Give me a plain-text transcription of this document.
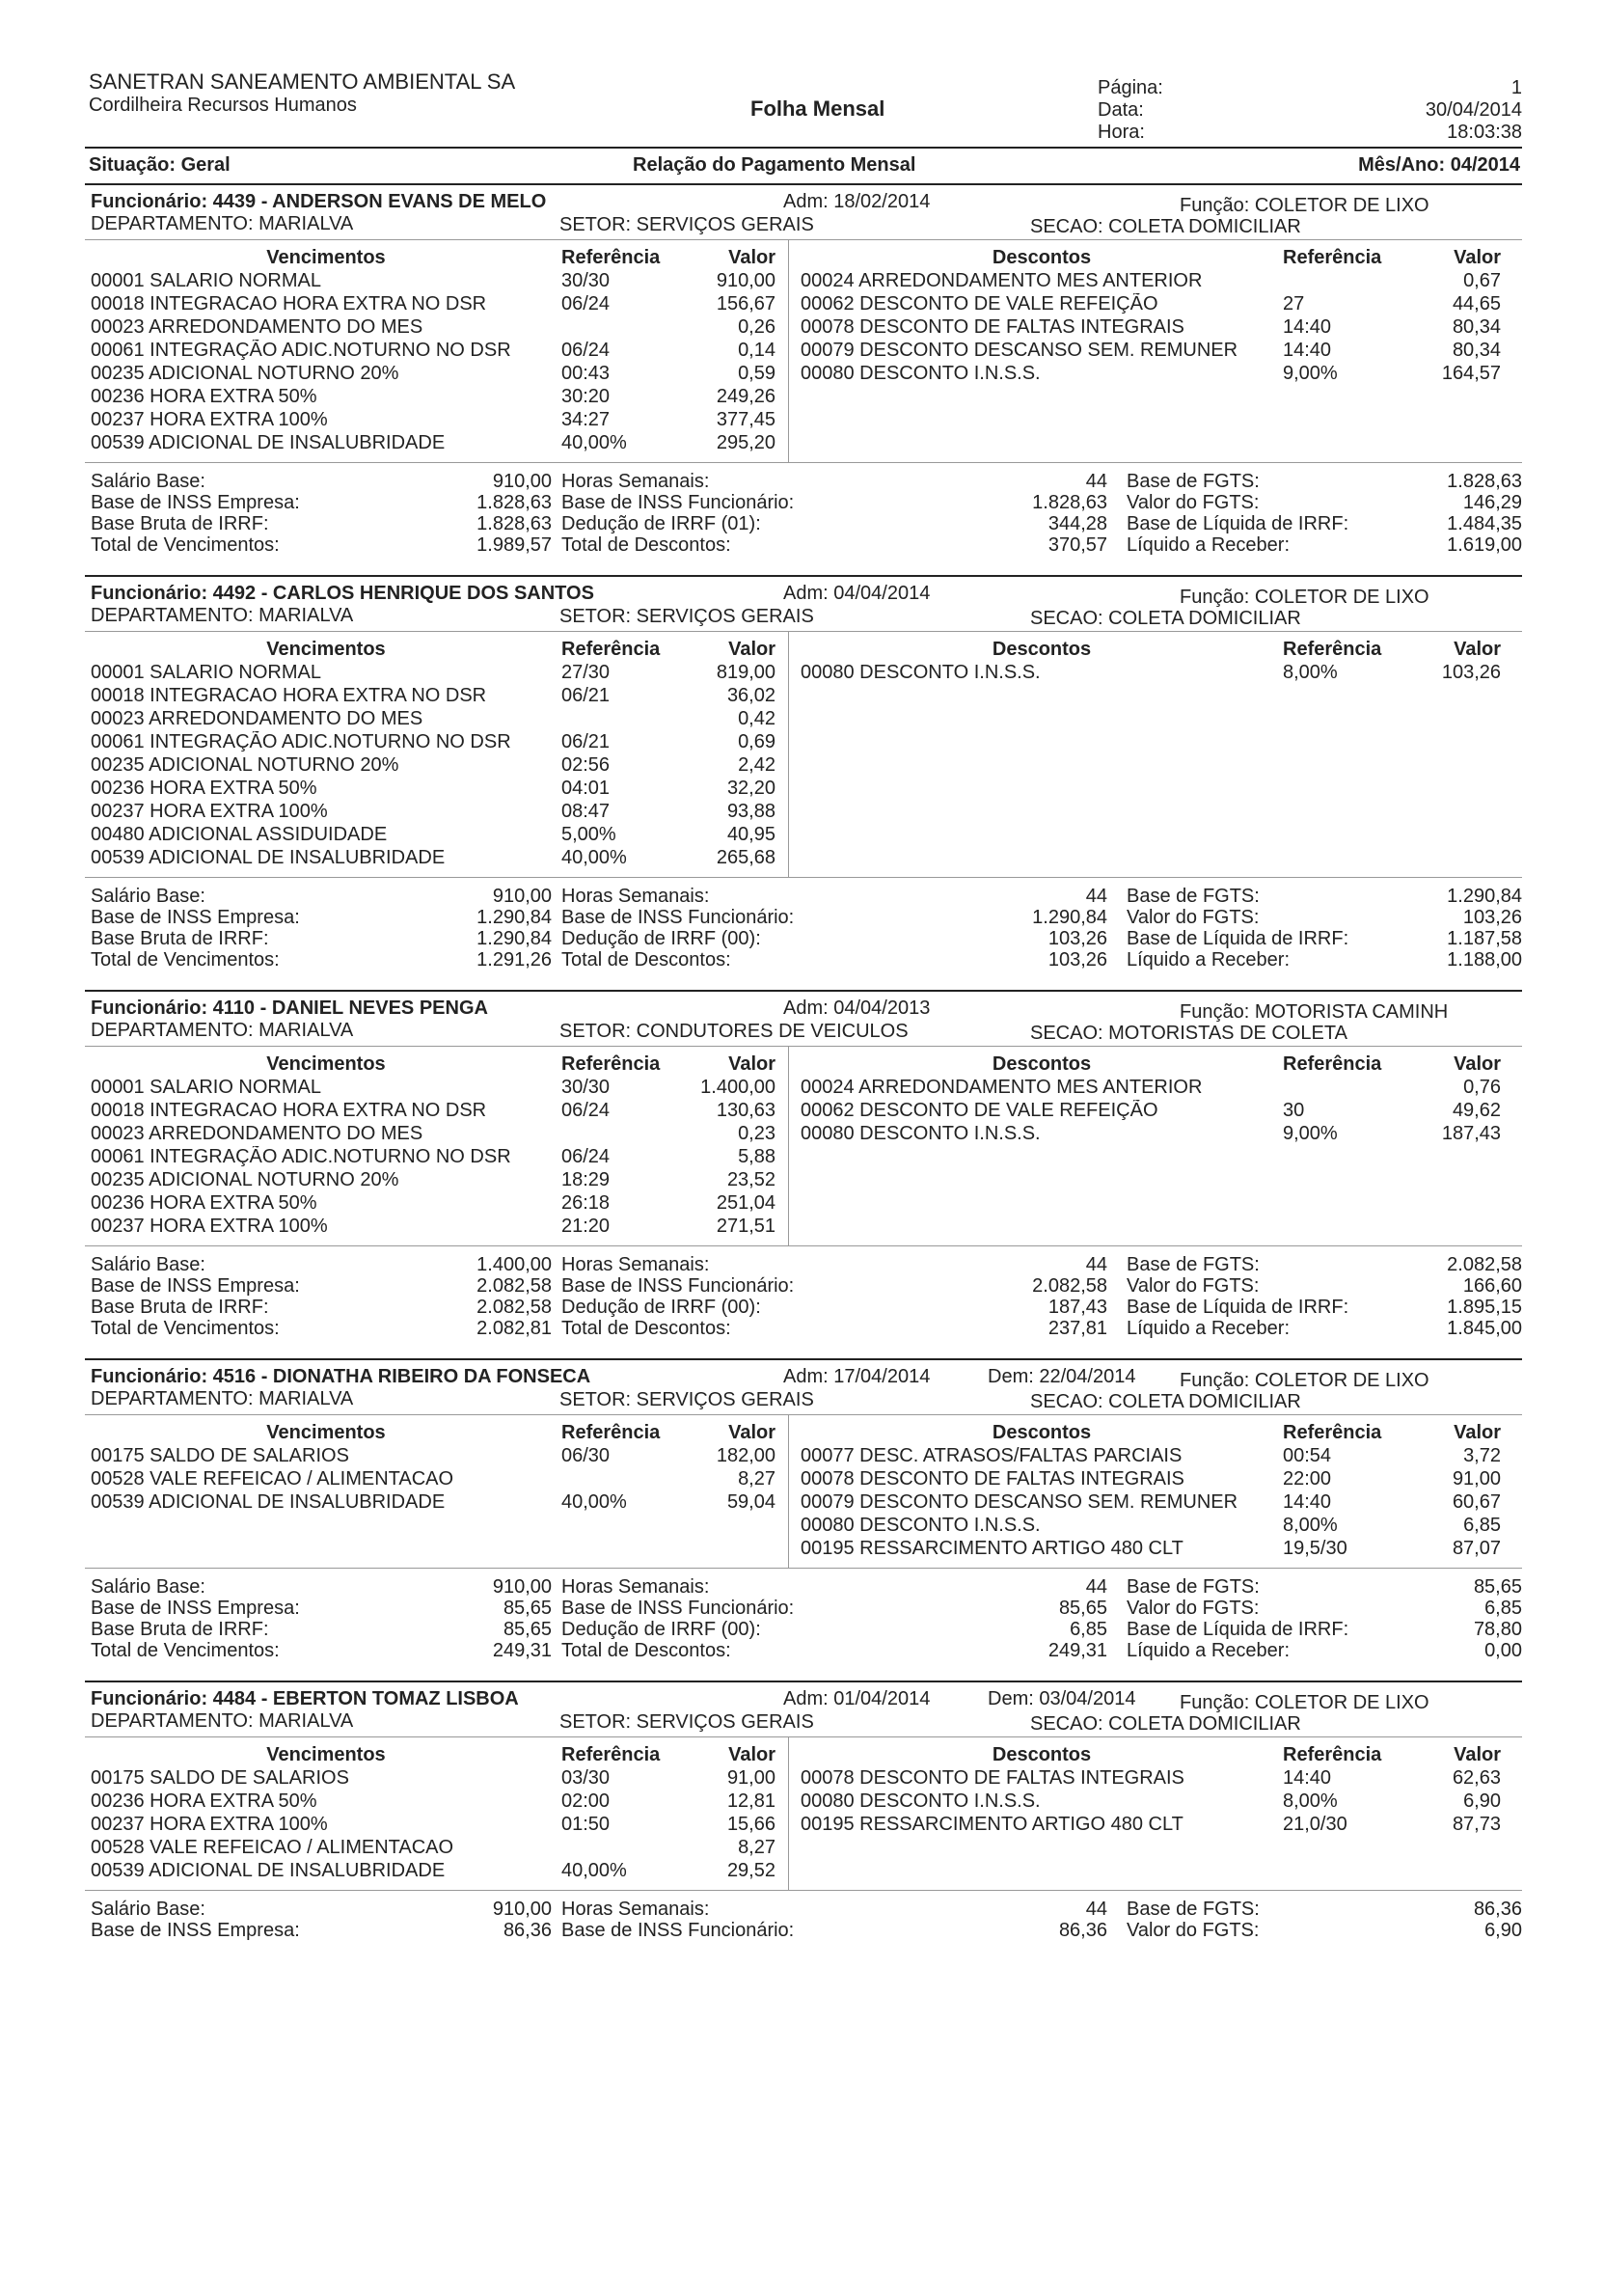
SANETRAN SANEAMENTO AMBIENTAL SA
Cordilheira Recursos Humanos	Folha Mensal
Página:	1
Data:	30/04/2014
Hora:	18:03:38
Situação: Geral	Relação do Pagamento Mensal	Mês/Ano: 04/2014
Funcionário: 4439 - ANDERSON EVANS DE MELO
DEPARTAMENTO: MARIALVA
Adm: 18/02/2014	Função: COLETOR DE LIXO
SETOR: SERVIÇOS GERAIS	SECAO: COLETA DOMICILIAR
Vencimentos	Referência	Valor
00001 SALARIO NORMAL	30/30	910,00
00018 INTEGRACAO HORA EXTRA NO DSR	06/24	156,67
00023 ARREDONDAMENTO DO MES	0,26
00061 INTEGRAÇÃO ADIC.NOTURNO NO DSR	06/24	0,14
00235 ADICIONAL NOTURNO 20%	00:43	0,59
00236 HORA EXTRA 50%	30:20	249,26
00237 HORA EXTRA 100%	34:27	377,45
00539 ADICIONAL DE INSALUBRIDADE	40,00%	295,20
Descontos	Referência	Valor
00024 ARREDONDAMENTO MES ANTERIOR	0,67
00062 DESCONTO DE VALE REFEIÇÃO	27	44,65
00078 DESCONTO DE FALTAS INTEGRAIS	14:40	80,34
00079 DESCONTO DESCANSO SEM. REMUNER	14:40	80,34
00080 DESCONTO I.N.S.S.	9,00%	164,57
Salário Base:	910,00
Base de INSS Empresa:	1.828,63
Base Bruta de IRRF:	1.828,63
Total de Vencimentos:	1.989,57
Horas Semanais:	44
Base de INSS Funcionário:	1.828,63
Dedução de IRRF (01):	344,28
Total de Descontos:	370,57
Base de FGTS:	1.828,63
Valor do FGTS:	146,29
Base de Líquida de IRRF:	1.484,35
Líquido a Receber:	1.619,00
Funcionário: 4492 - CARLOS HENRIQUE DOS SANTOS
DEPARTAMENTO: MARIALVA
Adm: 04/04/2014	Função: COLETOR DE LIXO
SETOR: SERVIÇOS GERAIS	SECAO: COLETA DOMICILIAR
Vencimentos	Referência	Valor
00001 SALARIO NORMAL	27/30	819,00
00018 INTEGRACAO HORA EXTRA NO DSR	06/21	36,02
00023 ARREDONDAMENTO DO MES	0,42
00061 INTEGRAÇÃO ADIC.NOTURNO NO DSR	06/21	0,69
00235 ADICIONAL NOTURNO 20%	02:56	2,42
00236 HORA EXTRA 50%	04:01	32,20
00237 HORA EXTRA 100%	08:47	93,88
00480 ADICIONAL ASSIDUIDADE	5,00%	40,95
00539 ADICIONAL DE INSALUBRIDADE	40,00%	265,68
Descontos	Referência	Valor
00080 DESCONTO I.N.S.S.	8,00%	103,26
Salário Base:	910,00
Base de INSS Empresa:	1.290,84
Base Bruta de IRRF:	1.290,84
Total de Vencimentos:	1.291,26
Horas Semanais:	44
Base de INSS Funcionário:	1.290,84
Dedução de IRRF (00):	103,26
Total de Descontos:	103,26
Base de FGTS:	1.290,84
Valor do FGTS:	103,26
Base de Líquida de IRRF:	1.187,58
Líquido a Receber:	1.188,00
Funcionário: 4110 - DANIEL NEVES PENGA
DEPARTAMENTO: MARIALVA
Adm: 04/04/2013	Função: MOTORISTA CAMINH
SETOR: CONDUTORES DE VEICULOS	SECAO: MOTORISTAS DE COLETA
Vencimentos	Referência	Valor
00001 SALARIO NORMAL	30/30	1.400,00
00018 INTEGRACAO HORA EXTRA NO DSR	06/24	130,63
00023 ARREDONDAMENTO DO MES	0,23
00061 INTEGRAÇÃO ADIC.NOTURNO NO DSR	06/24	5,88
00235 ADICIONAL NOTURNO 20%	18:29	23,52
00236 HORA EXTRA 50%	26:18	251,04
00237 HORA EXTRA 100%	21:20	271,51
Descontos	Referência	Valor
00024 ARREDONDAMENTO MES ANTERIOR	0,76
00062 DESCONTO DE VALE REFEIÇÃO	30	49,62
00080 DESCONTO I.N.S.S.	9,00%	187,43
Salário Base:	1.400,00
Base de INSS Empresa:	2.082,58
Base Bruta de IRRF:	2.082,58
Total de Vencimentos:	2.082,81
Horas Semanais:	44
Base de INSS Funcionário:	2.082,58
Dedução de IRRF (00):	187,43
Total de Descontos:	237,81
Base de FGTS:	2.082,58
Valor do FGTS:	166,60
Base de Líquida de IRRF:	1.895,15
Líquido a Receber:	1.845,00
Funcionário: 4516 - DIONATHA RIBEIRO DA FONSECA
DEPARTAMENTO: MARIALVA
Adm: 17/04/2014	Dem: 22/04/2014 Função: COLETOR DE LIXO
SETOR: SERVIÇOS GERAIS	SECAO: COLETA DOMICILIAR
Vencimentos	Referência	Valor
00175 SALDO DE SALARIOS	06/30	182,00
00528 VALE REFEICAO / ALIMENTACAO	8,27
00539 ADICIONAL DE INSALUBRIDADE	40,00%	59,04
Descontos	Referência	Valor
00077 DESC. ATRASOS/FALTAS PARCIAIS	00:54	3,72
00078 DESCONTO DE FALTAS INTEGRAIS	22:00	91,00
00079 DESCONTO DESCANSO SEM. REMUNER	14:40	60,67
00080 DESCONTO I.N.S.S.	8,00%	6,85
00195 RESSARCIMENTO ARTIGO 480 CLT	19,5/30	87,07
Salário Base:	910,00
Base de INSS Empresa:	85,65
Base Bruta de IRRF:	85,65
Total de Vencimentos:	249,31
Horas Semanais:	44
Base de INSS Funcionário:	85,65
Dedução de IRRF (00):	6,85
Total de Descontos:	249,31
Base de FGTS:	85,65
Valor do FGTS:	6,85
Base de Líquida de IRRF:	78,80
Líquido a Receber:	0,00
Funcionário: 4484 - EBERTON TOMAZ LISBOA
DEPARTAMENTO: MARIALVA
Adm: 01/04/2014	Dem: 03/04/2014 Função: COLETOR DE LIXO
SETOR: SERVIÇOS GERAIS	SECAO: COLETA DOMICILIAR
Vencimentos	Referência	Valor
00175 SALDO DE SALARIOS	03/30	91,00
00236 HORA EXTRA 50%	02:00	12,81
00237 HORA EXTRA 100%	01:50	15,66
00528 VALE REFEICAO / ALIMENTACAO	8,27
00539 ADICIONAL DE INSALUBRIDADE	40,00%	29,52
Descontos	Referência	Valor
00078 DESCONTO DE FALTAS INTEGRAIS	14:40	62,63
00080 DESCONTO I.N.S.S.	8,00%	6,90
00195 RESSARCIMENTO ARTIGO 480 CLT	21,0/30	87,73
Salário Base:	910,00
Base de INSS Empresa:	86,36
Horas Semanais:	44
Base de INSS Funcionário:	86,36
Base de FGTS:	86,36
Valor do FGTS:	6,90
